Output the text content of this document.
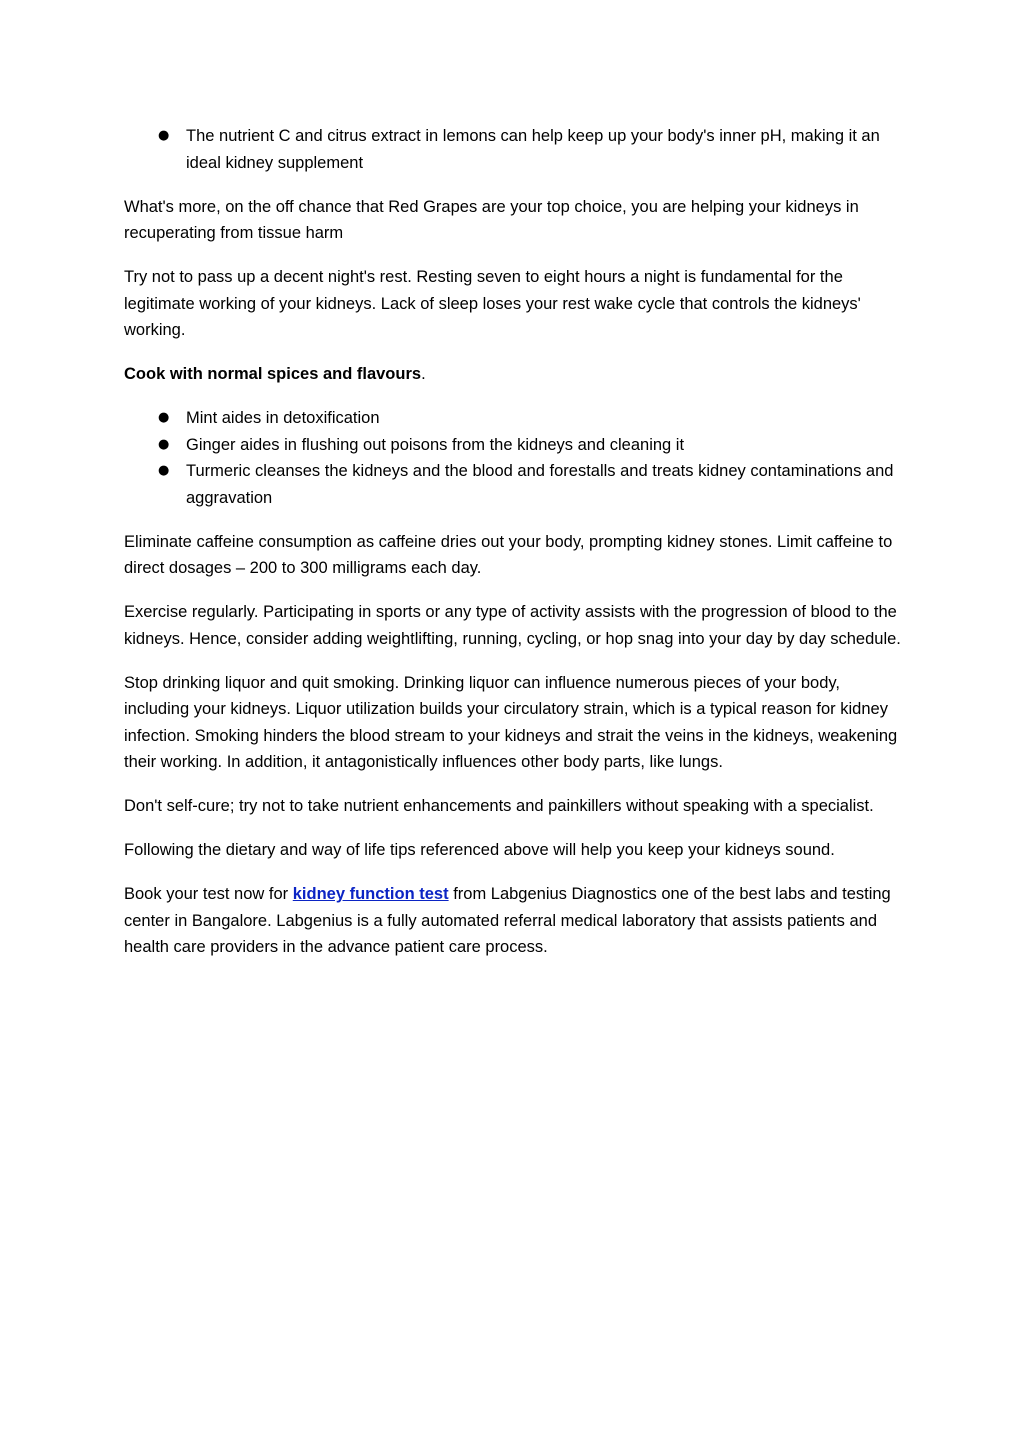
● The nutrient C and citrus extract in lemons can help keep up your body's inner pH, making it an ideal kidney supplement

What's more, on the off chance that Red Grapes are your top choice, you are helping your kidneys in recuperating from tissue harm

Try not to pass up a decent night's rest. Resting seven to eight hours a night is fundamental for the legitimate working of your kidneys. Lack of sleep loses your rest wake cycle that controls the kidneys' working.

Cook with normal spices and flavours.

● Mint aides in detoxification
● Ginger aides in flushing out poisons from the kidneys and cleaning it
● Turmeric cleanses the kidneys and the blood and forestalls and treats kidney contaminations and aggravation

Eliminate caffeine consumption as caffeine dries out your body, prompting kidney stones. Limit caffeine to direct dosages – 200 to 300 milligrams each day.

Exercise regularly. Participating in sports or any type of activity assists with the progression of blood to the kidneys. Hence, consider adding weightlifting, running, cycling, or hop snag into your day by day schedule.

Stop drinking liquor and quit smoking. Drinking liquor can influence numerous pieces of your body, including your kidneys. Liquor utilization builds your circulatory strain, which is a typical reason for kidney infection. Smoking hinders the blood stream to your kidneys and strait the veins in the kidneys, weakening their working. In addition, it antagonistically influences other body parts, like lungs.

Don't self-cure; try not to take nutrient enhancements and painkillers without speaking with a specialist.

Following the dietary and way of life tips referenced above will help you keep your kidneys sound.

Book your test now for kidney function test from Labgenius Diagnostics one of the best labs and testing center in Bangalore. Labgenius is a fully automated referral medical laboratory that assists patients and health care providers in the advance patient care process.
